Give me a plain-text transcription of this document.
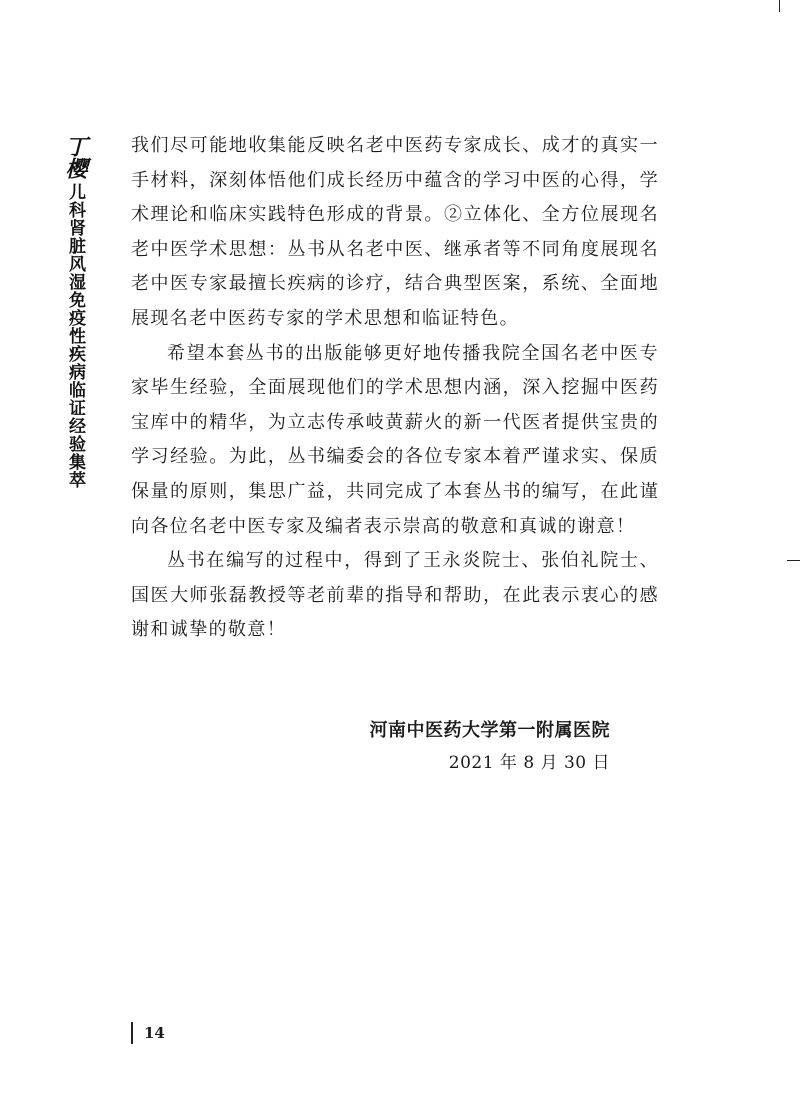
丁樱
儿科肾脏风湿免疫性疾病临证经验集萃

我们尽可能地收集能反映名老中医药专家成长、成才的真实一手材料，深刻体悟他们成长经历中蕴含的学习中医的心得，学术理论和临床实践特色形成的背景。②立体化、全方位展现名老中医学术思想：丛书从名老中医、继承者等不同角度展现名老中医专家最擅长疾病的诊疗，结合典型医案，系统、全面地展现名老中医药专家的学术思想和临证特色。

希望本套丛书的出版能够更好地传播我院全国名老中医专家毕生经验，全面展现他们的学术思想内涵，深入挖掘中医药宝库中的精华，为立志传承岐黄薪火的新一代医者提供宝贵的学习经验。为此，丛书编委会的各位专家本着严谨求实、保质保量的原则，集思广益，共同完成了本套丛书的编写，在此谨向各位名老中医专家及编者表示崇高的敬意和真诚的谢意！

丛书在编写的过程中，得到了王永炎院士、张伯礼院士、国医大师张磊教授等老前辈的指导和帮助，在此表示衷心的感谢和诚挚的敬意！

河南中医药大学第一附属医院
2021 年 8 月 30 日
14
